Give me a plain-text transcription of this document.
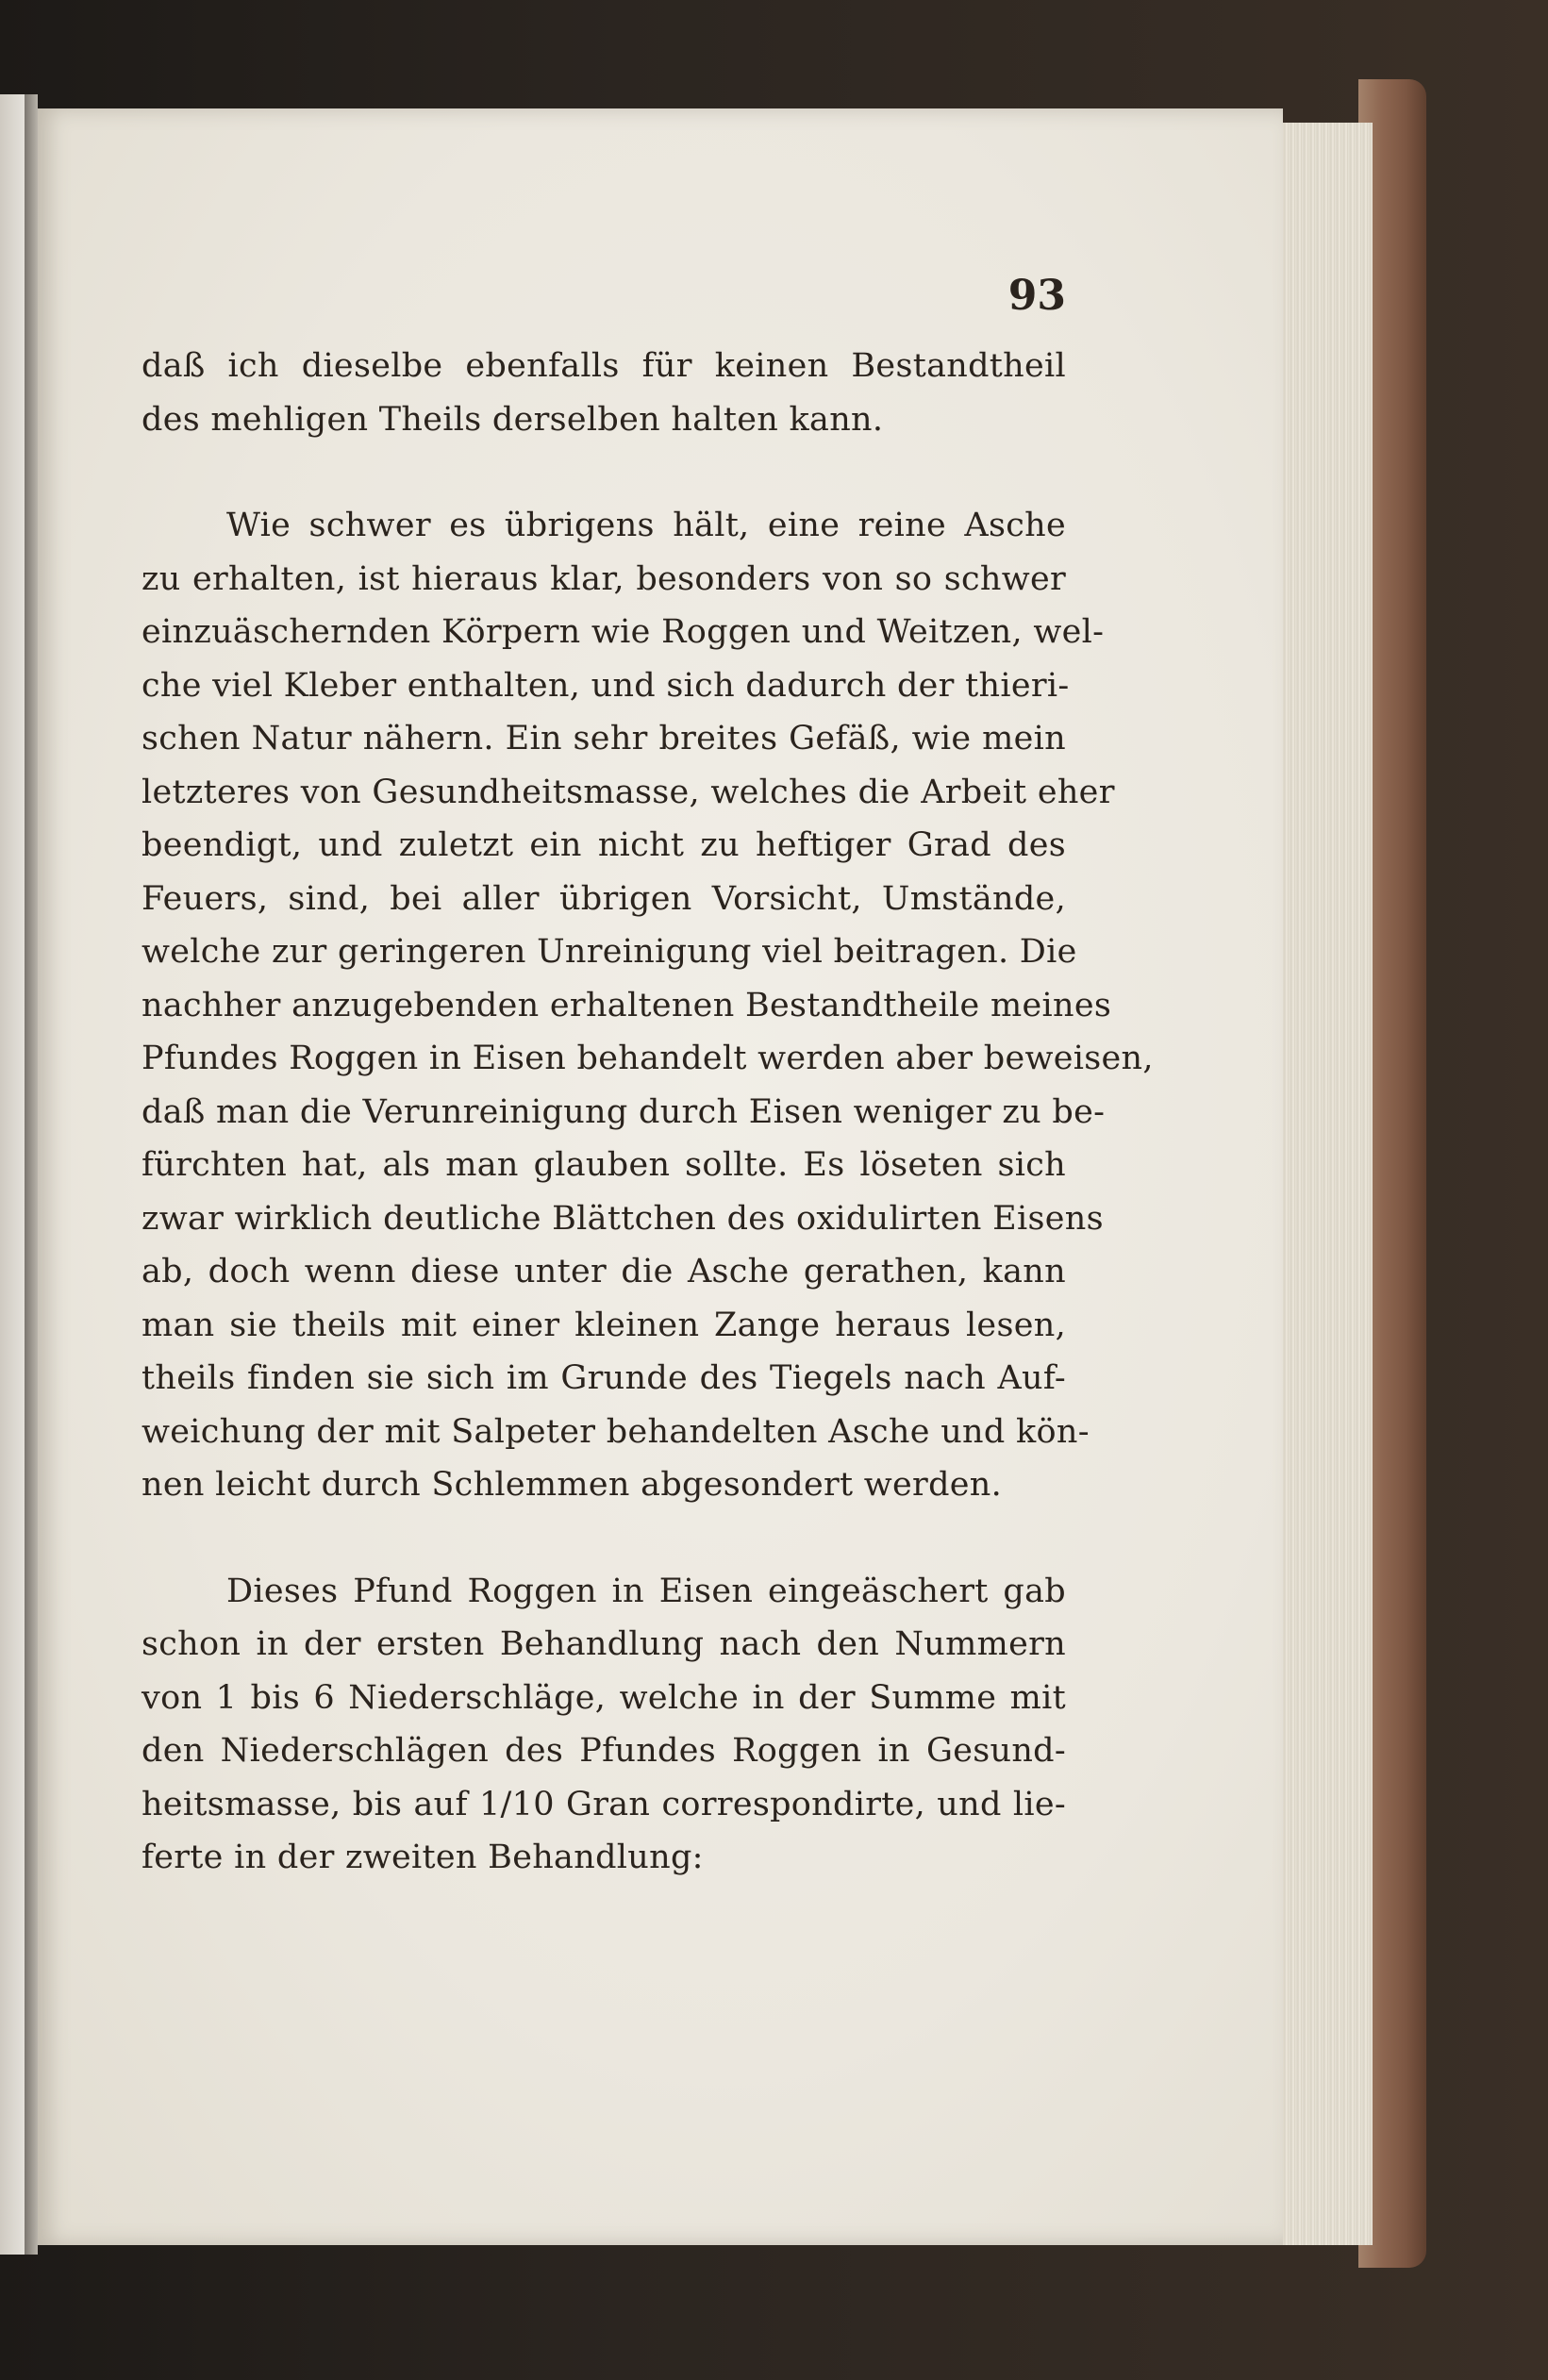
93
daß ich dieselbe ebenfalls für keinen Bestandtheil
des mehligen Theils derselben halten kann.
Wie schwer es übrigens hält, eine reine Asche
zu erhalten, ist hieraus klar, besonders von so schwer
einzuäschernden Körpern wie Roggen und Weitzen, wel-
che viel Kleber enthalten, und sich dadurch der thieri-
schen Natur nähern. Ein sehr breites Gefäß, wie mein
letzteres von Gesundheitsmasse, welches die Arbeit eher
beendigt, und zuletzt ein nicht zu heftiger Grad des
Feuers, sind, bei aller übrigen Vorsicht, Umstände,
welche zur geringeren Unreinigung viel beitragen. Die
nachher anzugebenden erhaltenen Bestandtheile meines
Pfundes Roggen in Eisen behandelt werden aber beweisen,
daß man die Verunreinigung durch Eisen weniger zu be-
fürchten hat, als man glauben sollte. Es löseten sich
zwar wirklich deutliche Blättchen des oxidulirten Eisens
ab, doch wenn diese unter die Asche gerathen, kann
man sie theils mit einer kleinen Zange heraus lesen,
theils finden sie sich im Grunde des Tiegels nach Auf-
weichung der mit Salpeter behandelten Asche und kön-
nen leicht durch Schlemmen abgesondert werden.
Dieses Pfund Roggen in Eisen eingeäschert gab
schon in der ersten Behandlung nach den Nummern
von 1 bis 6 Niederschläge, welche in der Summe mit
den Niederschlägen des Pfundes Roggen in Gesund-
heitsmasse, bis auf 1/10 Gran correspondirte, und lie-
ferte in der zweiten Behandlung:
